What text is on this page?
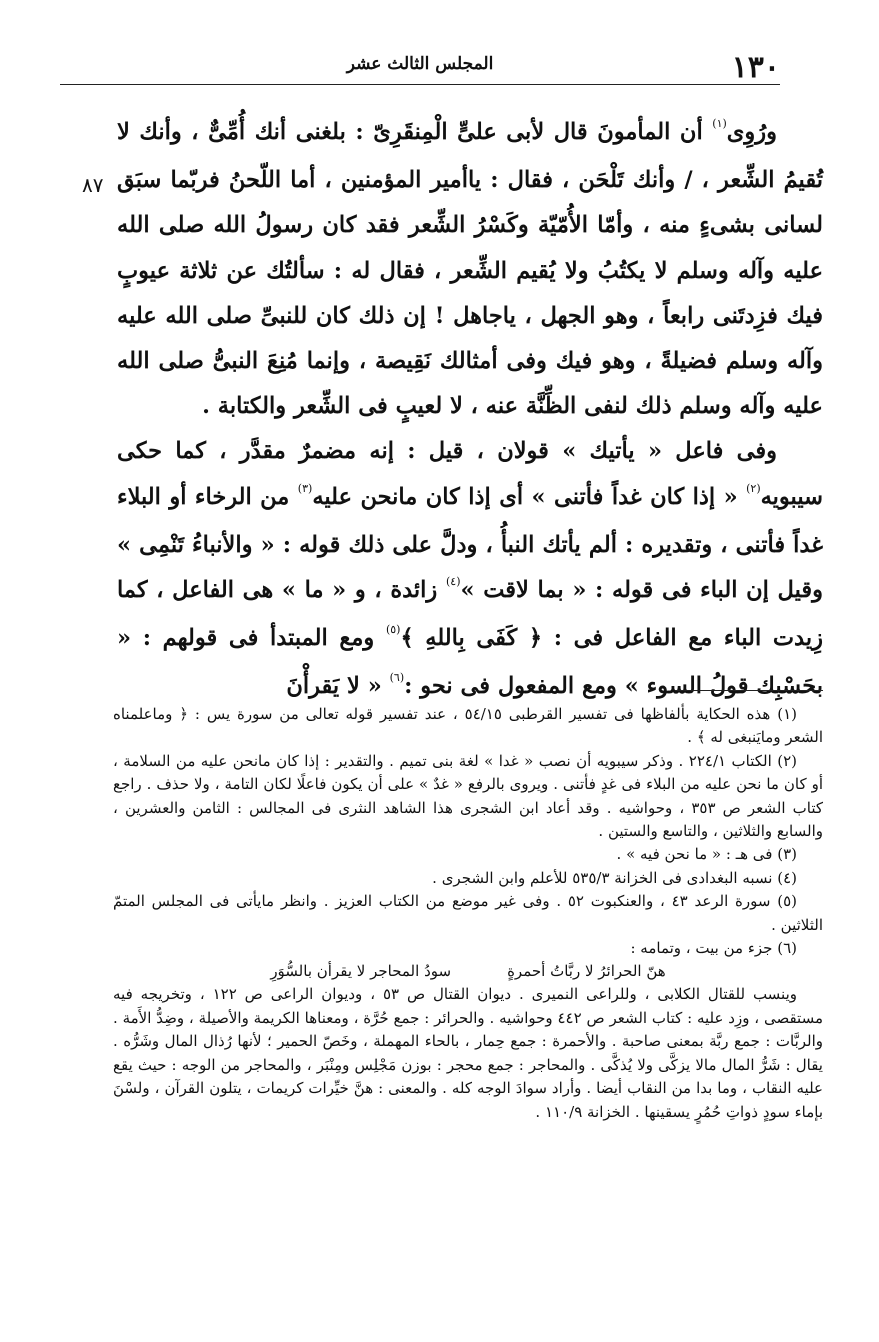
١٣٠
المجلس الثالث عشر
٨٧

ورُوِى$^{(١)}$ أن المأمونَ قال لأبى علىٍّ الْمِنقَرِىّ : بلغنى أنك أُمِّىٌّ ، وأنك لا تُقيمُ الشِّعر ، / وأنك تَلْحَن ، فقال : ياأمير المؤمنين ، أما اللّحنُ فربّما سبَق لسانى بشىءٍ منه ، وأمّا الأُمّيّة وكَسْرُ الشِّعر فقد كان رسولُ الله صلى الله عليه وآله وسلم لا يكتُبُ ولا يُقيم الشِّعر ، فقال له : سألتُك عن ثلاثة عيوبٍ فيك فزِدتَنى رابعاً ، وهو الجهل ، ياجاهل ! إن ذلك كان للنبىِّ صلى الله عليه وآله وسلم فضيلةً ، وهو فيك وفى أمثالك نَقِيصة ، وإنما مُنِعَ النبىُّ صلى الله عليه وآله وسلم ذلك لنفى الظِّنَّة عنه ، لا لعيبٍ فى الشِّعر والكتابة .

وفى فاعل « يأتيك » قولان ، قيل : إنه مضمرٌ مقدَّر ، كما حكى سيبويه$^{(٢)}$ « إذا كان غداً فأتنى » أى إذا كان مانحن عليه$^{(٣)}$ من الرخاء أو البلاء غداً فأتنى ، وتقديره : ألم يأتك النبأُ ، ودلَّ على ذلك قوله : « والأنباءُ تَنْمِى » وقيل إن الباء فى قوله : « بما لاقت »$^{(٤)}$ زائدة ، و « ما » هى الفاعل ، كما زِيدت الباء مع الفاعل فى : ﴿ كَفَى بِاللهِ ﴾$^{(٥)}$ ومع المبتدأ فى قولهم : « بحَسْبِك قولُ السوء » ومع المفعول فى نحو :$^{(٦)}$ « لا يَقرأْنَ

(١) هذه الحكاية بألفاظها فى تفسير القرطبى ٥٤/١٥ ، عند تفسير قوله تعالى من سورة يس : ﴿ وماعلمناه الشعر ومايَنبغى له ﴾ .

(٢) الكتاب ٢٢٤/١ . وذكر سيبويه أن نصب « غدا » لغة بنى تميم . والتقدير : إذا كان مانحن عليه من السلامة ، أو كان ما نحن عليه من البلاء فى غدٍ فأتنى . ويروى بالرفع « غدٌ » على أن يكون فاعلًا لكان التامة ، ولا حذف . راجع كتاب الشعر ص ٣٥٣ ، وحواشيه . وقد أعاد ابن الشجرى هذا الشاهد النثرى فى المجالس : الثامن والعشرين ، والسابع والثلاثين ، والتاسع والستين .

(٣) فى هـ : « ما نحن فيه » .

(٤) نسبه البغدادى فى الخزانة ٥٣٥/٣ للأعلم وابن الشجرى .

(٥) سورة الرعد ٤٣ ، والعنكبوت ٥٢ . وفى غير موضع من الكتاب العزيز . وانظر مايأتى فى المجلس المتمّ الثلاثين .

(٦) جزء من بيت ، وتمامه :

هنّ الحرائرُ لا ربَّاتُ أحمرةٍ
سودُ المحاجر لا يقرأن بالسُّوَرِ

وينسب للقتال الكلابى ، وللراعى النميرى . ديوان القتال ص ٥٣ ، وديوان الراعى ص ١٢٢ ، وتخريجه فيه مستقصى ، وزِد عليه : كتاب الشعر ص ٤٤٢ وحواشيه . والحرائر : جمع حُرَّة ، ومعناها الكريمة والأصيلة ، وضِدُّ الأَمة . والربَّات : جمع ربَّة بمعنى صاحبة . والأحمرة : جمع حِمار ، بالحاء المهملة ، وخَصّ الحمير ؛ لأنها رُذال المال وشَرُّه . يقال : شَرُّ المال مالا يزكَّى ولا يُذكَّى . والمحاجر : جمع محجر : بوزن مَجْلِس ومِنْبَر ، والمحاجر من الوجه : حيث يقع عليه النقاب ، وما بدا من النقاب أيضا . وأراد سوادَ الوجه كله . والمعنى : هنَّ خيِّرات كريمات ، يتلون القرآن ، ولسْنَ بإماء سودٍ ذواتِ حُمُرٍ يسقينها . الخزانة ١١٠/٩ .
